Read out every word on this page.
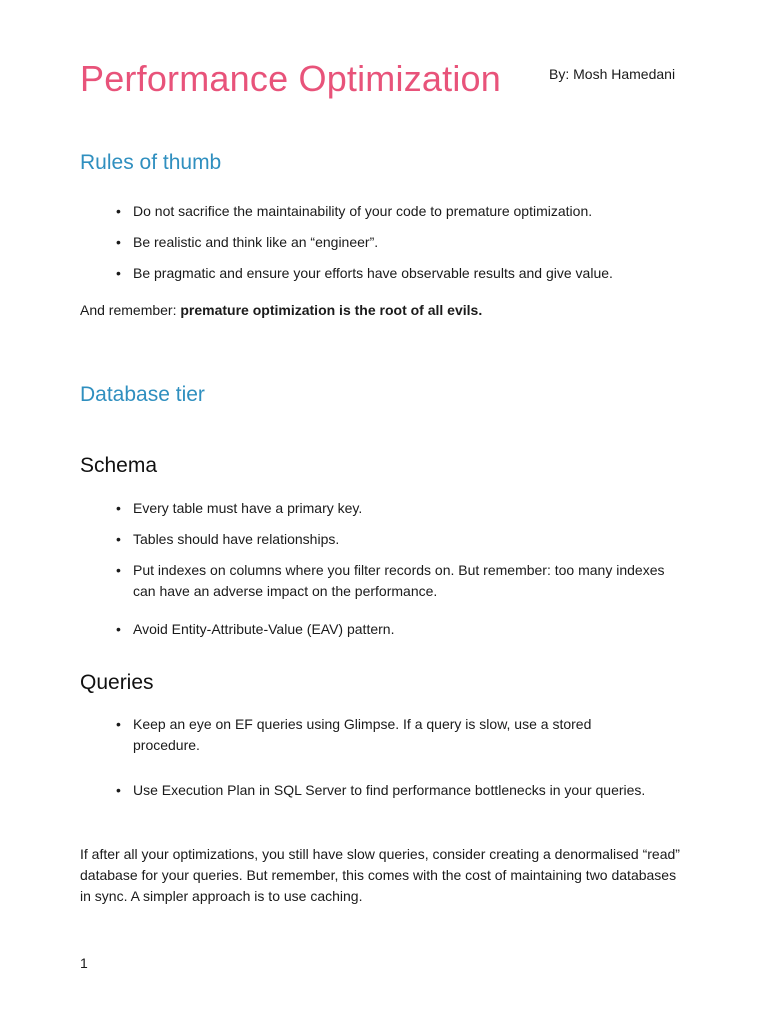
Performance Optimization	By: Mosh Hamedani
Rules of thumb
• Do not sacrifice the maintainability of your code to premature optimization.
• Be realistic and think like an “engineer”.
• Be pragmatic and ensure your efforts have observable results and give value.
And remember: premature optimization is the root of all evils.
Database tier
Schema
• Every table must have a primary key.
• Tables should have relationships.
• Put indexes on columns where you filter records on. But remember: too many indexes can have an adverse impact on the performance.
• Avoid Entity-Attribute-Value (EAV) pattern.
Queries
• Keep an eye on EF queries using Glimpse. If a query is slow, use a stored procedure.
• Use Execution Plan in SQL Server to find performance bottlenecks in your queries.
If after all your optimizations, you still have slow queries, consider creating a denormalised “read” database for your queries. But remember, this comes with the cost of maintaining two databases in sync. A simpler approach is to use caching.
1
